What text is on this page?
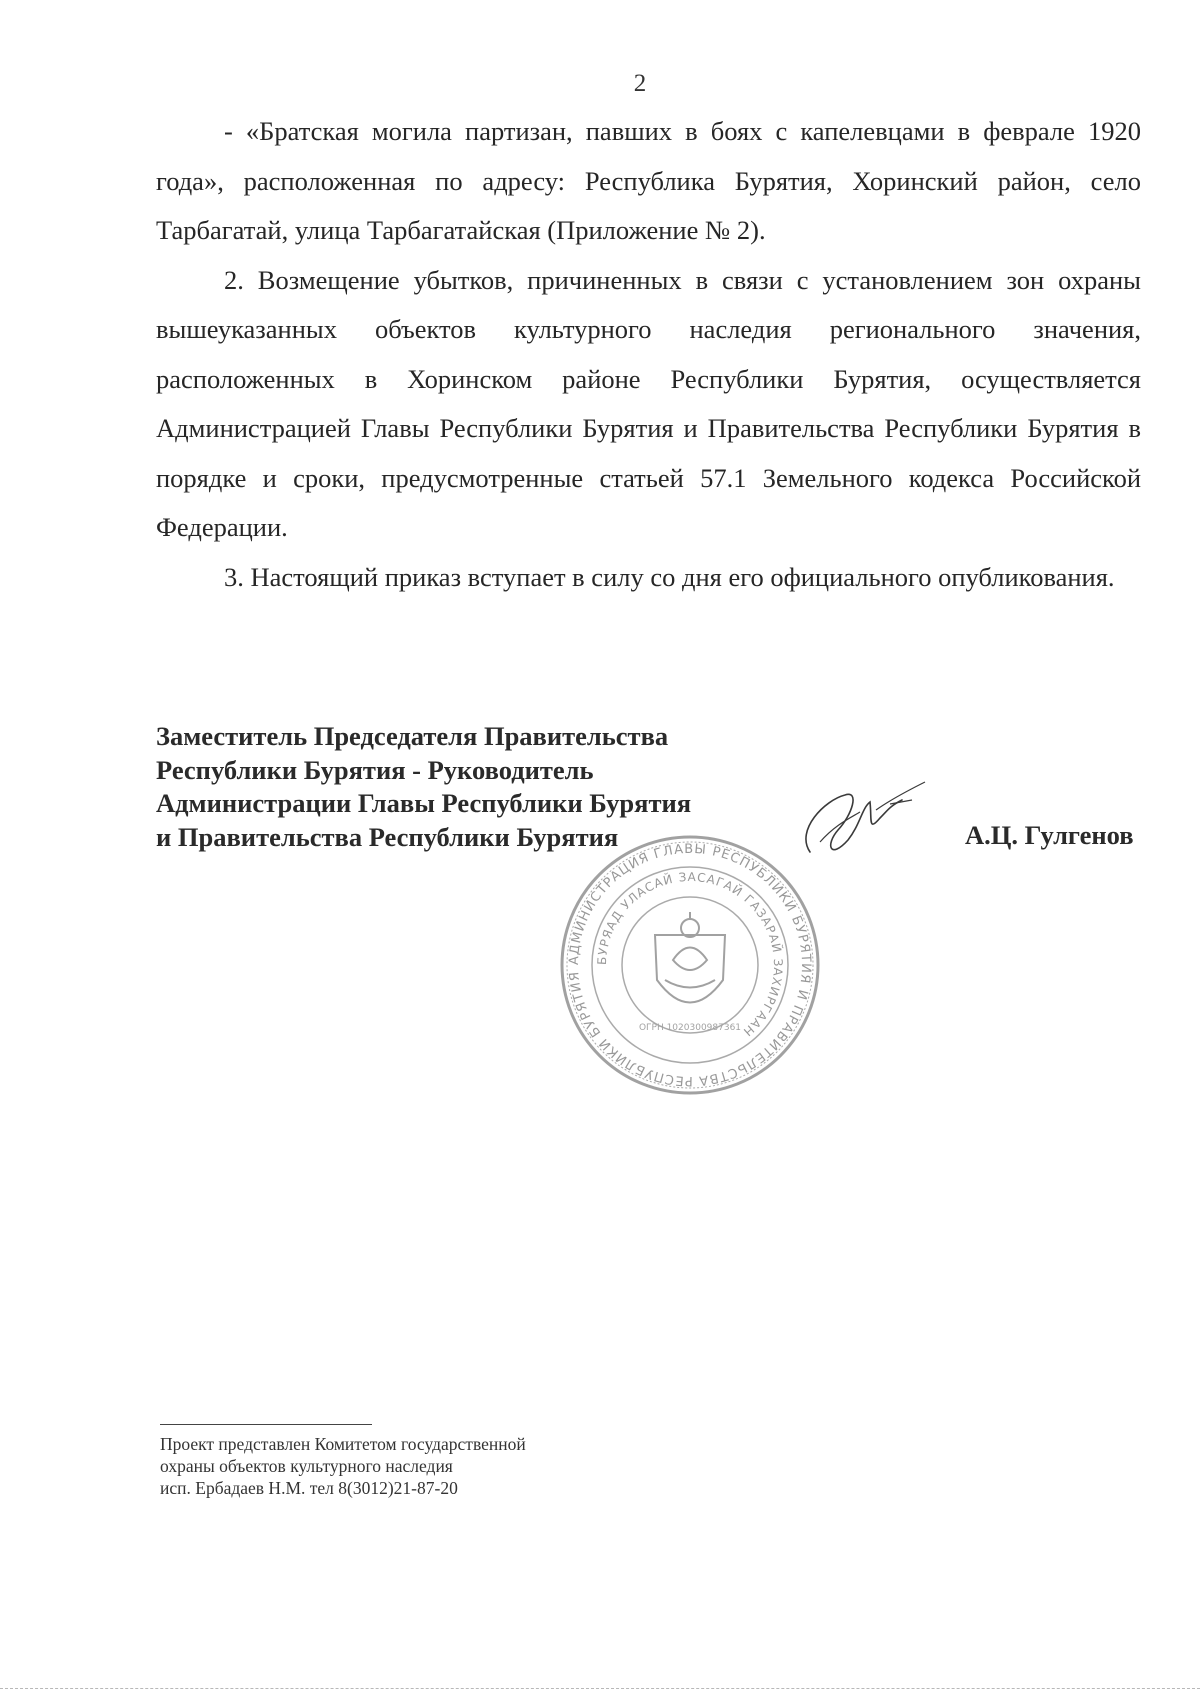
2

- «Братская могила партизан, павших в боях с капелевцами в феврале 1920 года», расположенная по адресу: Республика Бурятия, Хоринский район, село Тарбагатай, улица Тарбагатайская (Приложение № 2).

2. Возмещение убытков, причиненных в связи с установлением зон охраны вышеуказанных объектов культурного наследия регионального значения, расположенных в Хоринском районе Республики Бурятия, осуществляется Администрацией Главы Республики Бурятия и Правительства Республики Бурятия в порядке и сроки, предусмотренные статьей 57.1 Земельного кодекса Российской Федерации.

3. Настоящий приказ вступает в силу со дня его официального опубликования.

Заместитель Председателя Правительства
Республики Бурятия - Руководитель
Администрации Главы Республики Бурятия
и Правительства Республики Бурятия
АДМИНИСТРАЦИЯ ГЛАВЫ РЕСПУБЛИКИ БУРЯТИЯ И ПРАВИТЕЛЬСТВА РЕСПУБЛИКИ БУРЯТИЯ
БУРЯАД УЛАСАЙ ЗАСАГАЙ ГАЗАРАЙ ЗАХИРГААН
ОГРН 1020300987361
А.Ц. Гулгенов
Проект представлен Комитетом государственной
охраны объектов культурного наследия
исп. Ербадаев Н.М. тел 8(3012)21-87-20
